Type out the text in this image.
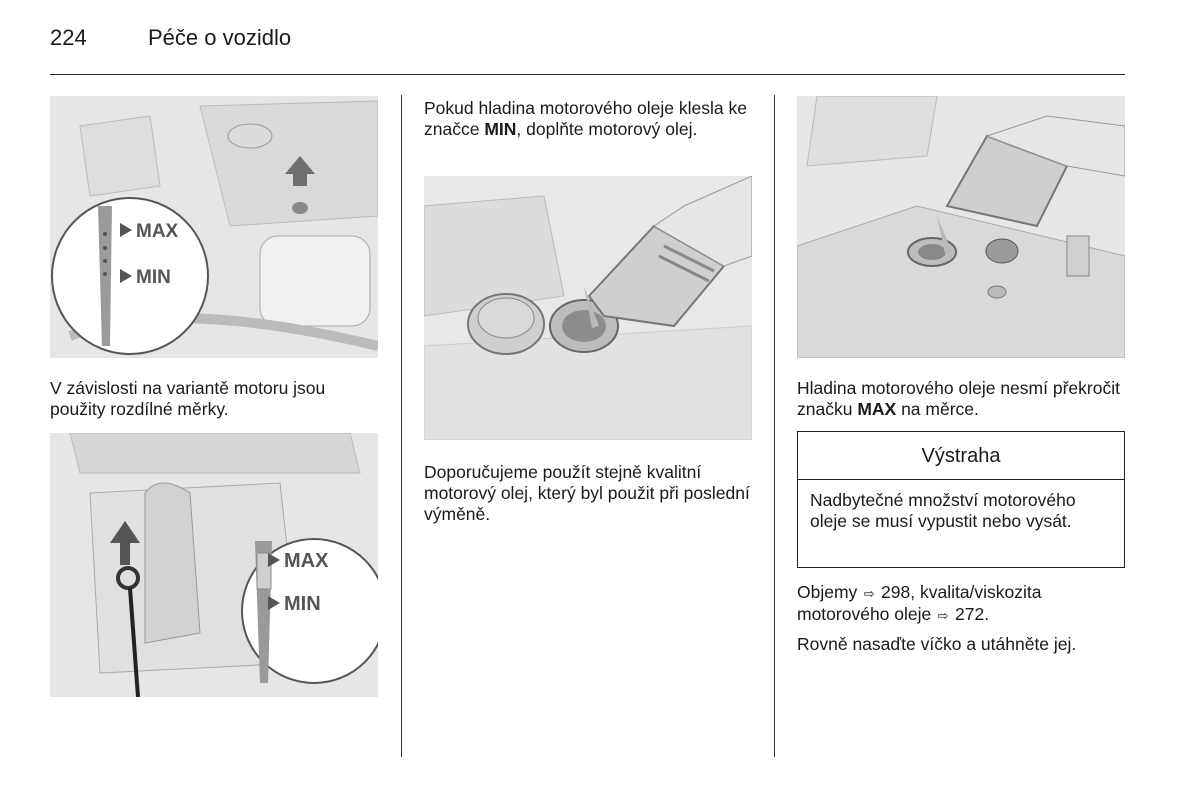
224	Péče o vozidlo
MAX
MIN

V závislosti na variantě motoru jsou použity rozdílné měrky.

MAX
MIN

Pokud hladina motorového oleje klesla ke značce MIN, doplňte motorový olej.

Doporučujeme použít stejně kvalitní motorový olej, který byl použit při poslední výměně.

Hladina motorového oleje nesmí překročit značku MAX na měrce.

Výstraha
Nadbytečné množství motorového oleje se musí vypustit nebo vysát.

Objemy ⇨ 298, kvalita/viskozita
motorového oleje ⇨ 272.

Rovně nasaďte víčko a utáhněte jej.
